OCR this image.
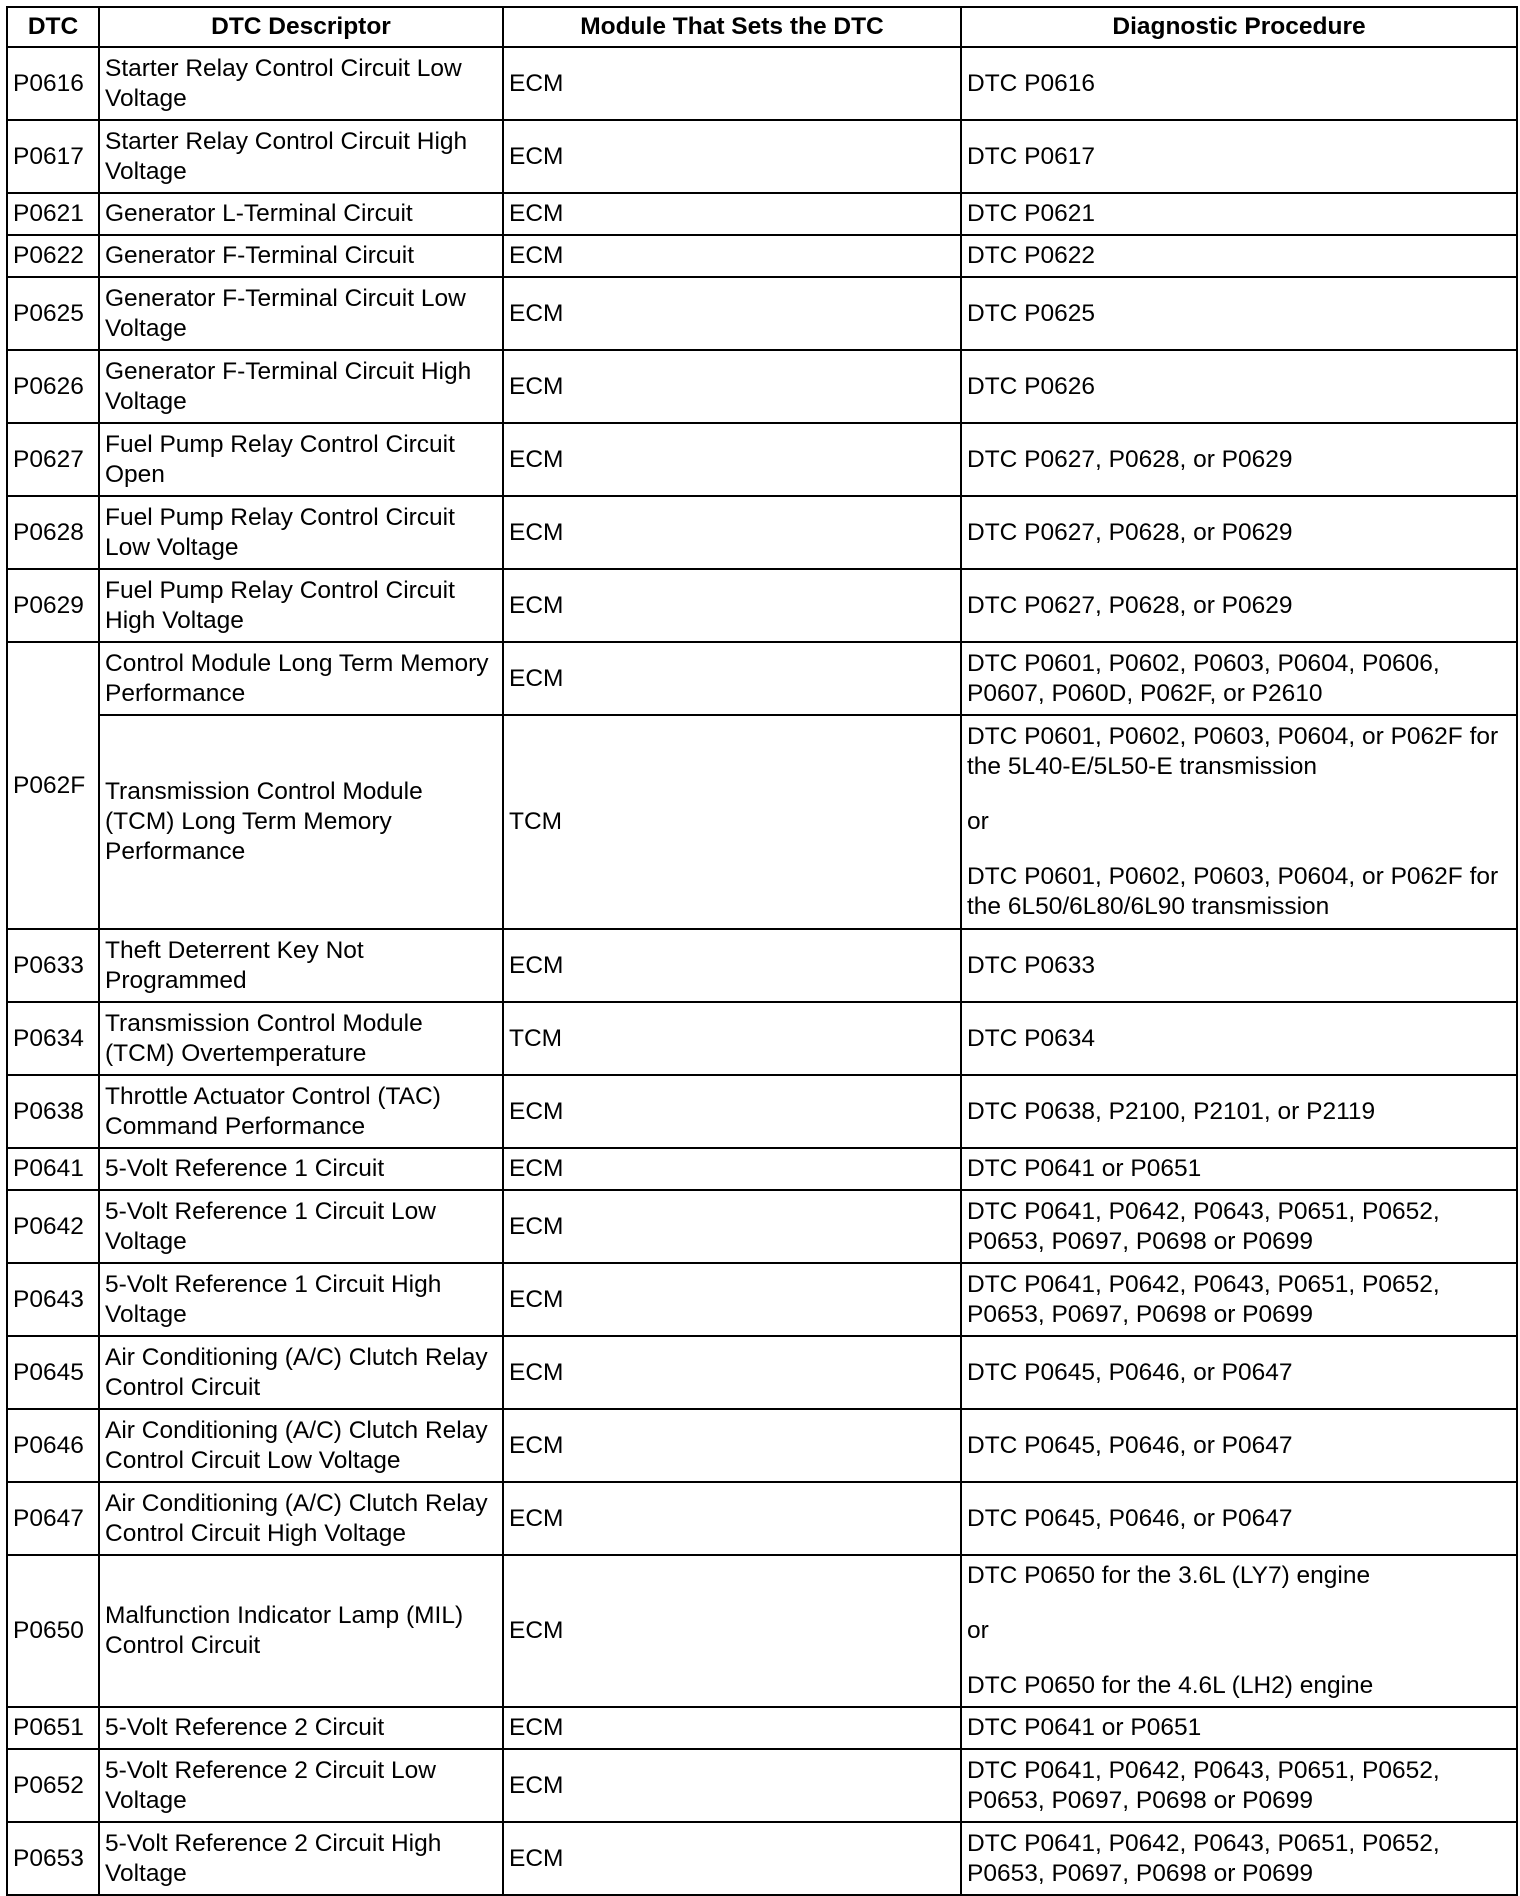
DTC	DTC Descriptor	Module That Sets the DTC	Diagnostic Procedure
P0616	Starter Relay Control Circuit Low Voltage	ECM	DTC P0616
P0617	Starter Relay Control Circuit High Voltage	ECM	DTC P0617
P0621	Generator L-Terminal Circuit	ECM	DTC P0621
P0622	Generator F-Terminal Circuit	ECM	DTC P0622
P0625	Generator F-Terminal Circuit Low Voltage	ECM	DTC P0625
P0626	Generator F-Terminal Circuit High Voltage	ECM	DTC P0626
P0627	Fuel Pump Relay Control Circuit Open	ECM	DTC P0627, P0628, or P0629
P0628	Fuel Pump Relay Control Circuit Low Voltage	ECM	DTC P0627, P0628, or P0629
P0629	Fuel Pump Relay Control Circuit High Voltage	ECM	DTC P0627, P0628, or P0629
P062F	Control Module Long Term Memory Performance	ECM	DTC P0601, P0602, P0603, P0604, P0606, P0607, P060D, P062F, or P2610
	Transmission Control Module (TCM) Long Term Memory Performance	TCM	DTC P0601, P0602, P0603, P0604, or P062F for the 5L40-E/5L50-E transmission
or
DTC P0601, P0602, P0603, P0604, or P062F for the 6L50/6L80/6L90 transmission

P0633	Theft Deterrent Key Not Programmed	ECM	DTC P0633
P0634	Transmission Control Module (TCM) Overtemperature	TCM	DTC P0634
P0638	Throttle Actuator Control (TAC) Command Performance	ECM	DTC P0638, P2100, P2101, or P2119
P0641	5-Volt Reference 1 Circuit	ECM	DTC P0641 or P0651
P0642	5-Volt Reference 1 Circuit Low Voltage	ECM	DTC P0641, P0642, P0643, P0651, P0652, P0653, P0697, P0698 or P0699
P0643	5-Volt Reference 1 Circuit High Voltage	ECM	DTC P0641, P0642, P0643, P0651, P0652, P0653, P0697, P0698 or P0699
P0645	Air Conditioning (A/C) Clutch Relay Control Circuit	ECM	DTC P0645, P0646, or P0647
P0646	Air Conditioning (A/C) Clutch Relay Control Circuit Low Voltage	ECM	DTC P0645, P0646, or P0647
P0647	Air Conditioning (A/C) Clutch Relay Control Circuit High Voltage	ECM	DTC P0645, P0646, or P0647
P0650	Malfunction Indicator Lamp (MIL) Control Circuit	ECM	DTC P0650 for the 3.6L (LY7) engine
or
DTC P0650 for the 4.6L (LH2) engine

P0651	5-Volt Reference 2 Circuit	ECM	DTC P0641 or P0651
P0652	5-Volt Reference 2 Circuit Low Voltage	ECM	DTC P0641, P0642, P0643, P0651, P0652, P0653, P0697, P0698 or P0699
P0653	5-Volt Reference 2 Circuit High Voltage	ECM	DTC P0641, P0642, P0643, P0651, P0652, P0653, P0697, P0698 or P0699
